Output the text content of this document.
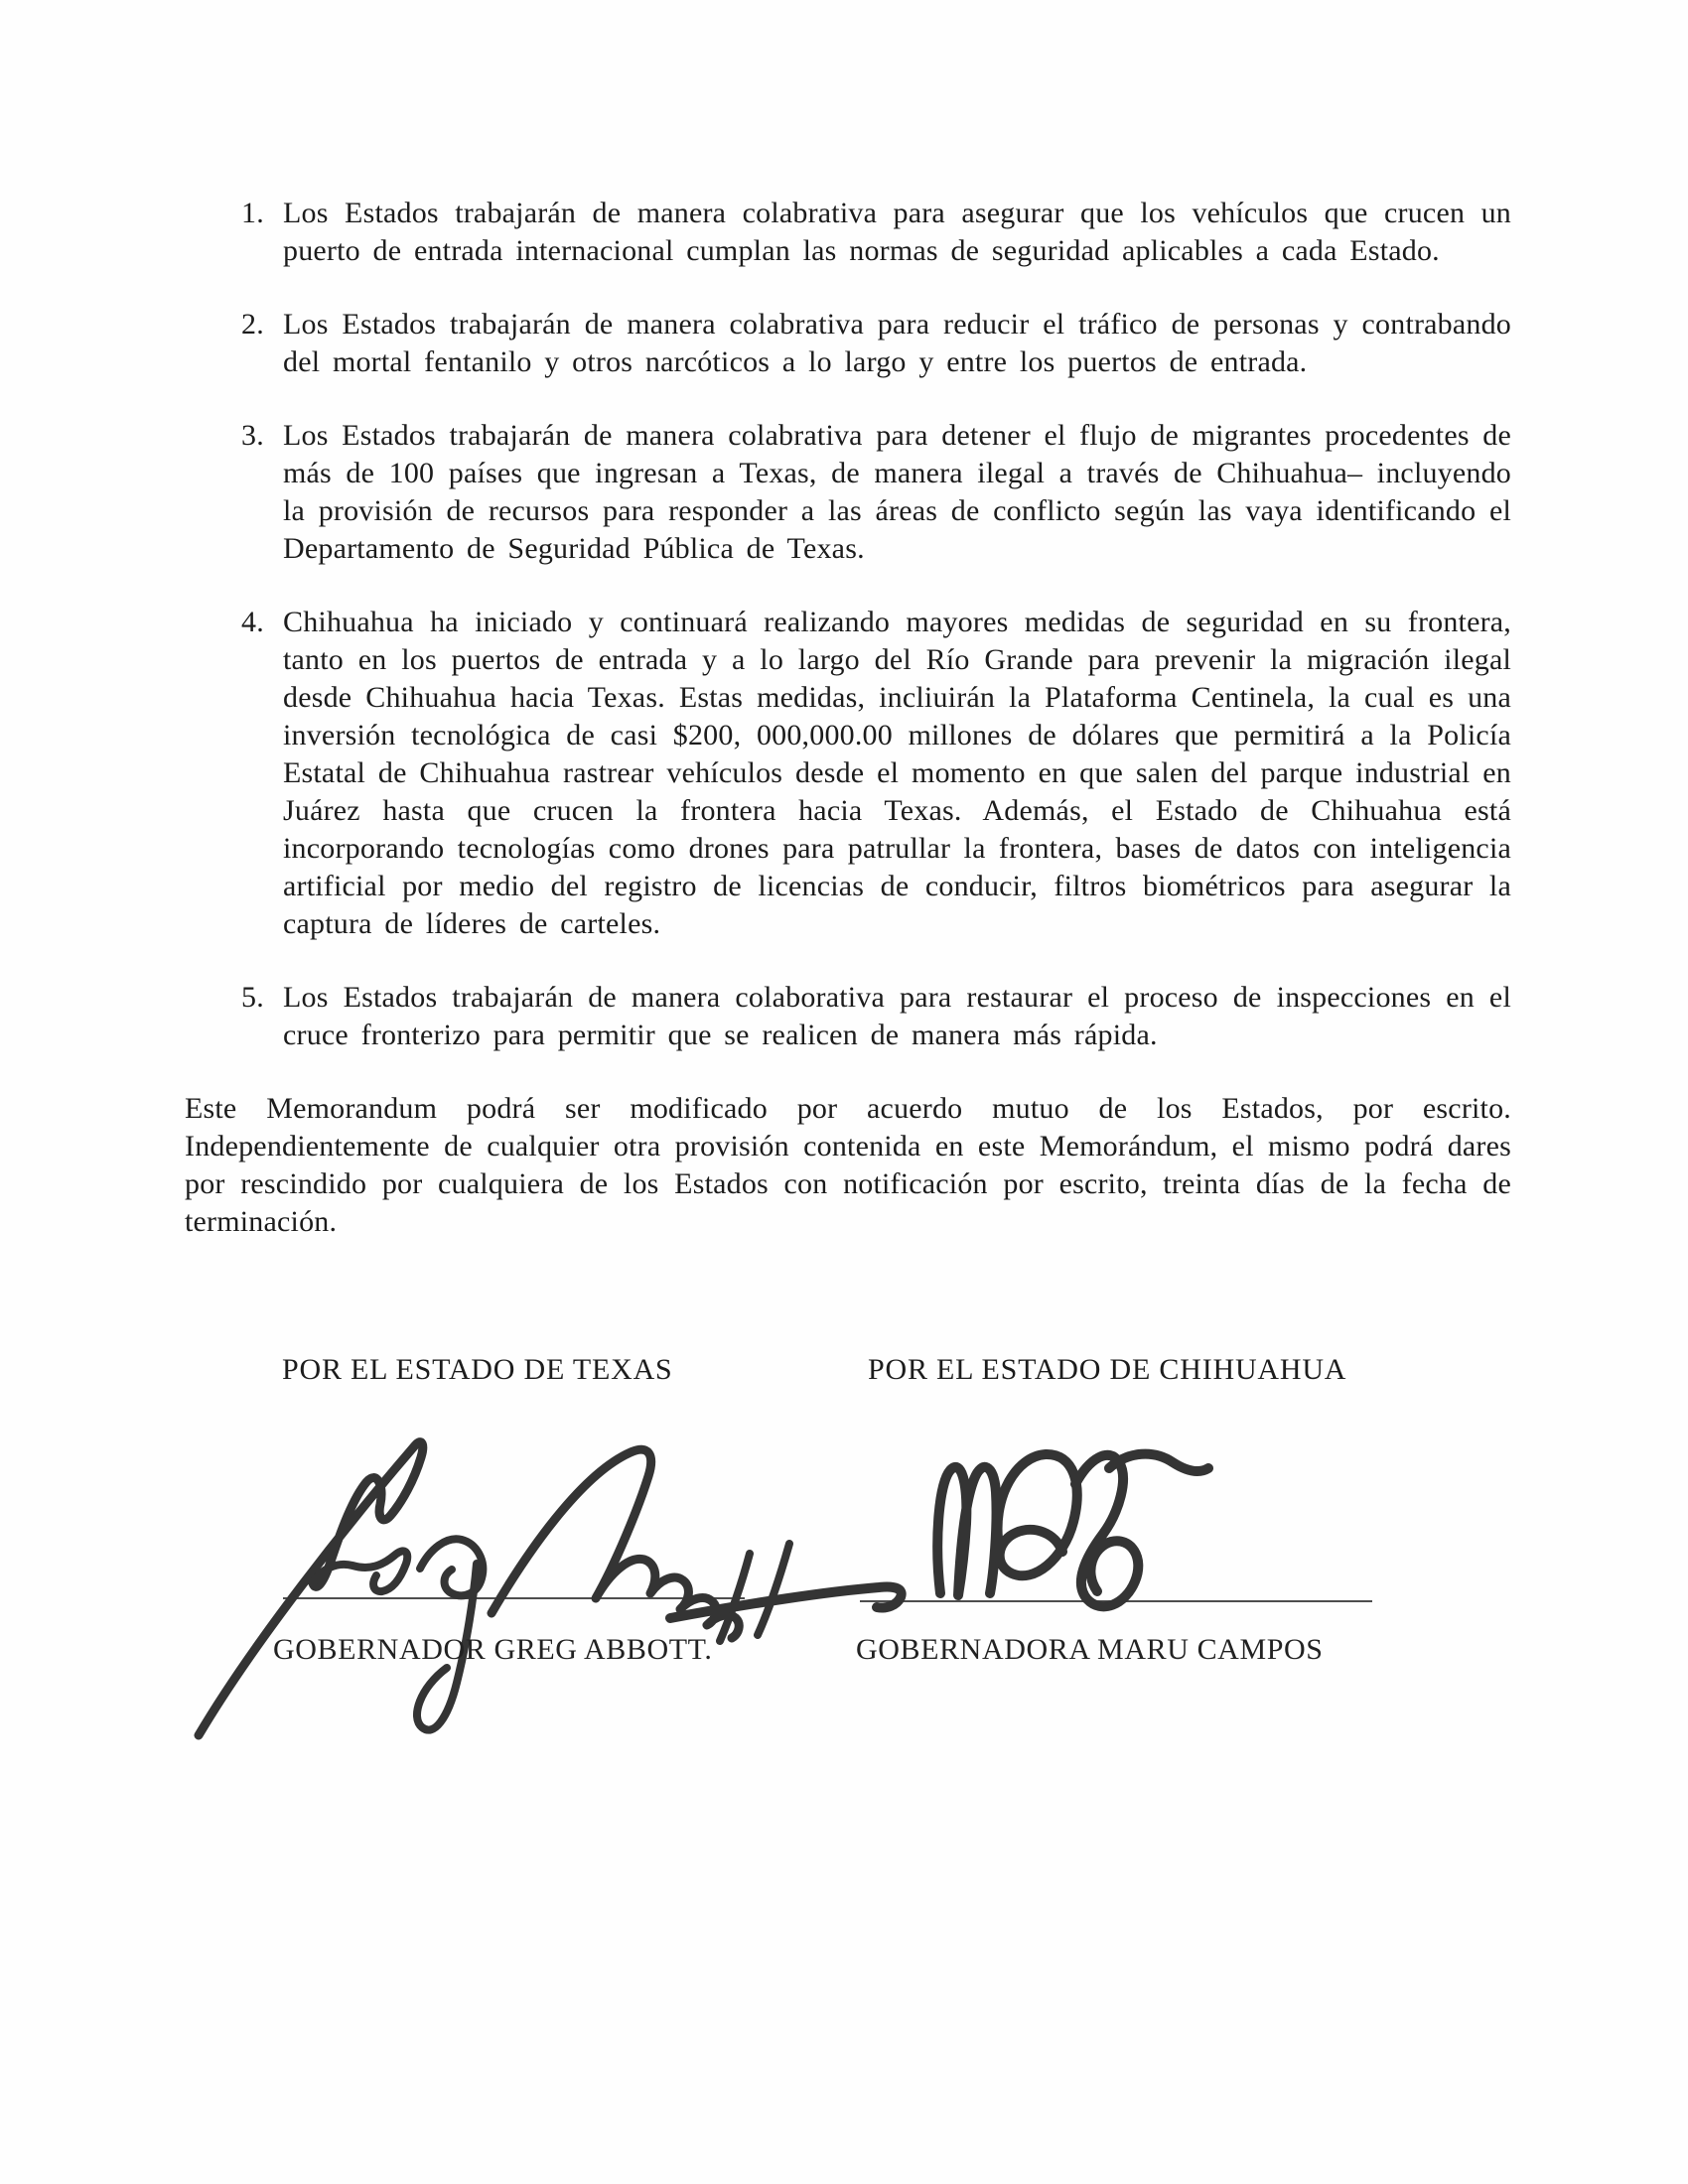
1. Los Estados trabajarán de manera colabrativa para asegurar que los vehículos que crucen un puerto de entrada internacional cumplan las normas de seguridad aplicables a cada Estado.
2. Los Estados trabajarán de manera colabrativa para reducir el tráfico de personas y contrabando del mortal fentanilo y otros narcóticos a lo largo y entre los puertos de entrada.
3. Los Estados trabajarán de manera colabrativa para detener el flujo de migrantes procedentes de más de 100 países que ingresan a Texas, de manera ilegal a través de Chihuahua– incluyendo la provisión de recursos para responder a las áreas de conflicto según las vaya identificando el Departamento de Seguridad Pública de Texas.
4. Chihuahua ha iniciado y continuará realizando mayores medidas de seguridad en su frontera, tanto en los puertos de entrada y a lo largo del Río Grande para prevenir la migración ilegal desde Chihuahua hacia Texas. Estas medidas, incliuirán la Plataforma Centinela, la cual es una inversión tecnológica de casi $200, 000,000.00 millones de dólares que permitirá a la Policía Estatal de Chihuahua rastrear vehículos desde el momento en que salen del parque industrial en Juárez hasta que crucen la frontera hacia Texas. Además, el Estado de Chihuahua está incorporando tecnologías como drones para patrullar la frontera, bases de datos con inteligencia artificial por medio del registro de licencias de conducir, filtros biométricos para asegurar la captura de líderes de carteles.
5. Los Estados trabajarán de manera colaborativa para restaurar el proceso de inspecciones en el cruce fronterizo para permitir que se realicen de manera más rápida.

Este Memorandum podrá ser modificado por acuerdo mutuo de los Estados, por escrito. Independientemente de cualquier otra provisión contenida en este Memorándum, el mismo podrá dares por rescindido por cualquiera de los Estados con notificación por escrito, treinta días de la fecha de terminación.

POR EL ESTADO DE TEXAS	POR EL ESTADO DE CHIHUAHUA
GOBERNADOR GREG ABBOTT.	GOBERNADORA MARU CAMPOS
